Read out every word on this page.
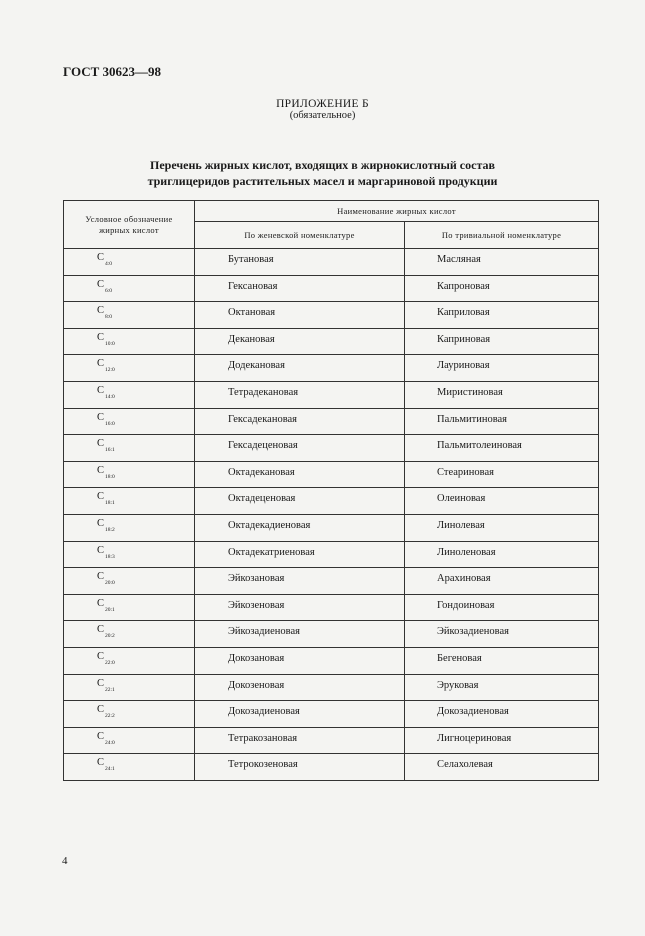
ГОСТ 30623—98
ПРИЛОЖЕНИЕ Б
(обязательное)
Перечень жирных кислот, входящих в жирнокислотный состав
триглицеридов растительных масел и маргариновой продукции
Условное обозначение жирных кислот	Наименование жирных кислот	
	По женевской номенклатуре	По тривиальной номенклатуре
$C_{4:0}$	Бутановая	Масляная
$C_{6:0}$	Гексановая	Капроновая
$C_{8:0}$	Октановая	Каприловая
$C_{10:0}$	Декановая	Каприновая
$C_{12:0}$	Додекановая	Лауриновая
$C_{14:0}$	Тетрадекановая	Миристиновая
$C_{16:0}$	Гексадекановая	Пальмитиновая
$C_{16:1}$	Гексадеценовая	Пальмитолеиновая
$C_{18:0}$	Октадекановая	Стеариновая
$C_{18:1}$	Октадеценовая	Олеиновая
$C_{18:2}$	Октадекадиеновая	Линолевая
$C_{18:3}$	Октадекатриеновая	Линоленовая
$C_{20:0}$	Эйкозановая	Арахиновая
$C_{20:1}$	Эйкозеновая	Гондоиновая
$C_{20:2}$	Эйкозадиеновая	Эйкозадиеновая
$C_{22:0}$	Докозановая	Бегеновая
$C_{22:1}$	Докозеновая	Эруковая
$C_{22:2}$	Докозадиеновая	Докозадиеновая
$C_{24:0}$	Тетракозановая	Лигноцериновая
$C_{24:1}$	Тетрокозеновая	Селахолевая
4
